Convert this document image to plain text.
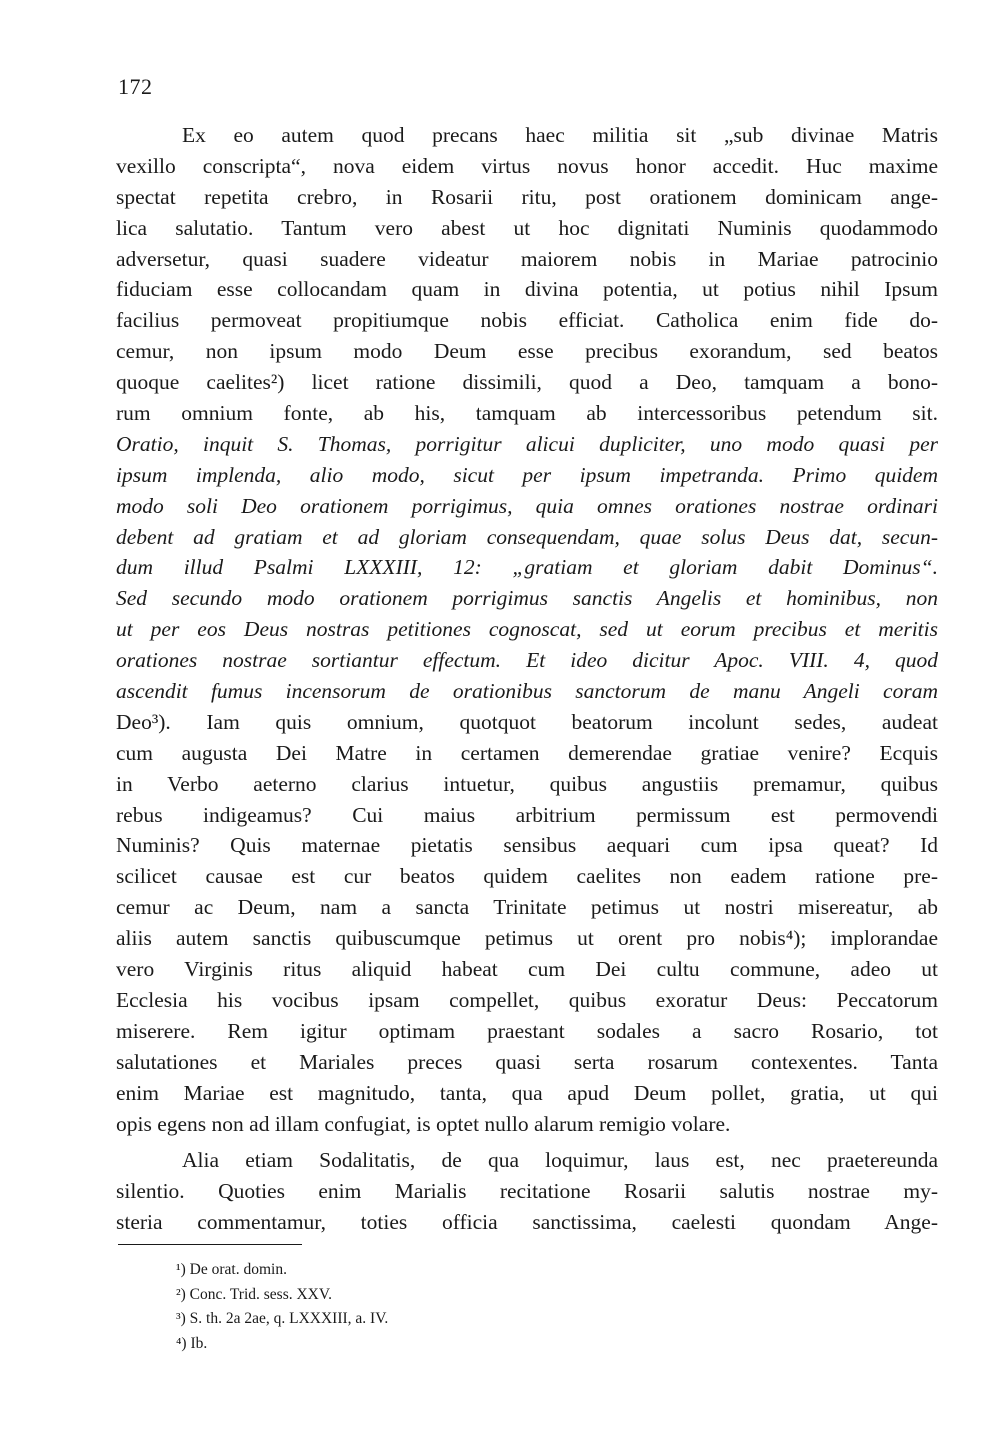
172
Ex eo autem quod precans haec militia sit „sub divinae Matris
vexillo conscripta“, nova eidem virtus novus honor accedit. Huc maxime
spectat repetita crebro, in Rosarii ritu, post orationem dominicam ange-
lica salutatio. Tantum vero abest ut hoc dignitati Numinis quodammodo
adversetur, quasi suadere videatur maiorem nobis in Mariae patrocinio
fiduciam esse collocandam quam in divina potentia, ut potius nihil Ipsum
facilius permoveat propitiumque nobis efficiat. Catholica enim fide do-
cemur, non ipsum modo Deum esse precibus exorandum, sed beatos
quoque caelites²) licet ratione dissimili, quod a Deo, tamquam a bono-
rum omnium fonte, ab his, tamquam ab intercessoribus petendum sit.
Oratio, inquit S. Thomas, porrigitur alicui dupliciter, uno modo quasi per
ipsum implenda, alio modo, sicut per ipsum impetranda. Primo quidem
modo soli Deo orationem porrigimus, quia omnes orationes nostrae ordinari
debent ad gratiam et ad gloriam consequendam, quae solus Deus dat, secun-
dum illud Psalmi LXXXIII, 12: „gratiam et gloriam dabit Dominus“.
Sed secundo modo orationem porrigimus sanctis Angelis et hominibus, non
ut per eos Deus nostras petitiones cognoscat, sed ut eorum precibus et meritis
orationes nostrae sortiantur effectum. Et ideo dicitur Apoc. VIII. 4, quod
ascendit fumus incensorum de orationibus sanctorum de manu Angeli coram
Deo³). Iam quis omnium, quotquot beatorum incolunt sedes, audeat
cum augusta Dei Matre in certamen demerendae gratiae venire? Ecquis
in Verbo aeterno clarius intuetur, quibus angustiis premamur, quibus
rebus indigeamus? Cui maius arbitrium permissum est permovendi
Numinis? Quis maternae pietatis sensibus aequari cum ipsa queat? Id
scilicet causae est cur beatos quidem caelites non eadem ratione pre-
cemur ac Deum, nam a sancta Trinitate petimus ut nostri misereatur, ab
aliis autem sanctis quibuscumque petimus ut orent pro nobis⁴); implorandae
vero Virginis ritus aliquid habeat cum Dei cultu commune, adeo ut
Ecclesia his vocibus ipsam compellet, quibus exoratur Deus: Peccatorum
miserere. Rem igitur optimam praestant sodales a sacro Rosario, tot
salutationes et Mariales preces quasi serta rosarum contexentes. Tanta
enim Mariae est magnitudo, tanta, qua apud Deum pollet, gratia, ut qui
opis egens non ad illam confugiat, is optet nullo alarum remigio volare.
Alia etiam Sodalitatis, de qua loquimur, laus est, nec praetereunda
silentio. Quoties enim Marialis recitatione Rosarii salutis nostrae my-
steria commentamur, toties officia sanctissima, caelesti quondam Ange-
¹) De orat. domin.
²) Conc. Trid. sess. XXV.
³) S. th. 2a 2ae, q. LXXXIII, a. IV.
⁴) Ib.
